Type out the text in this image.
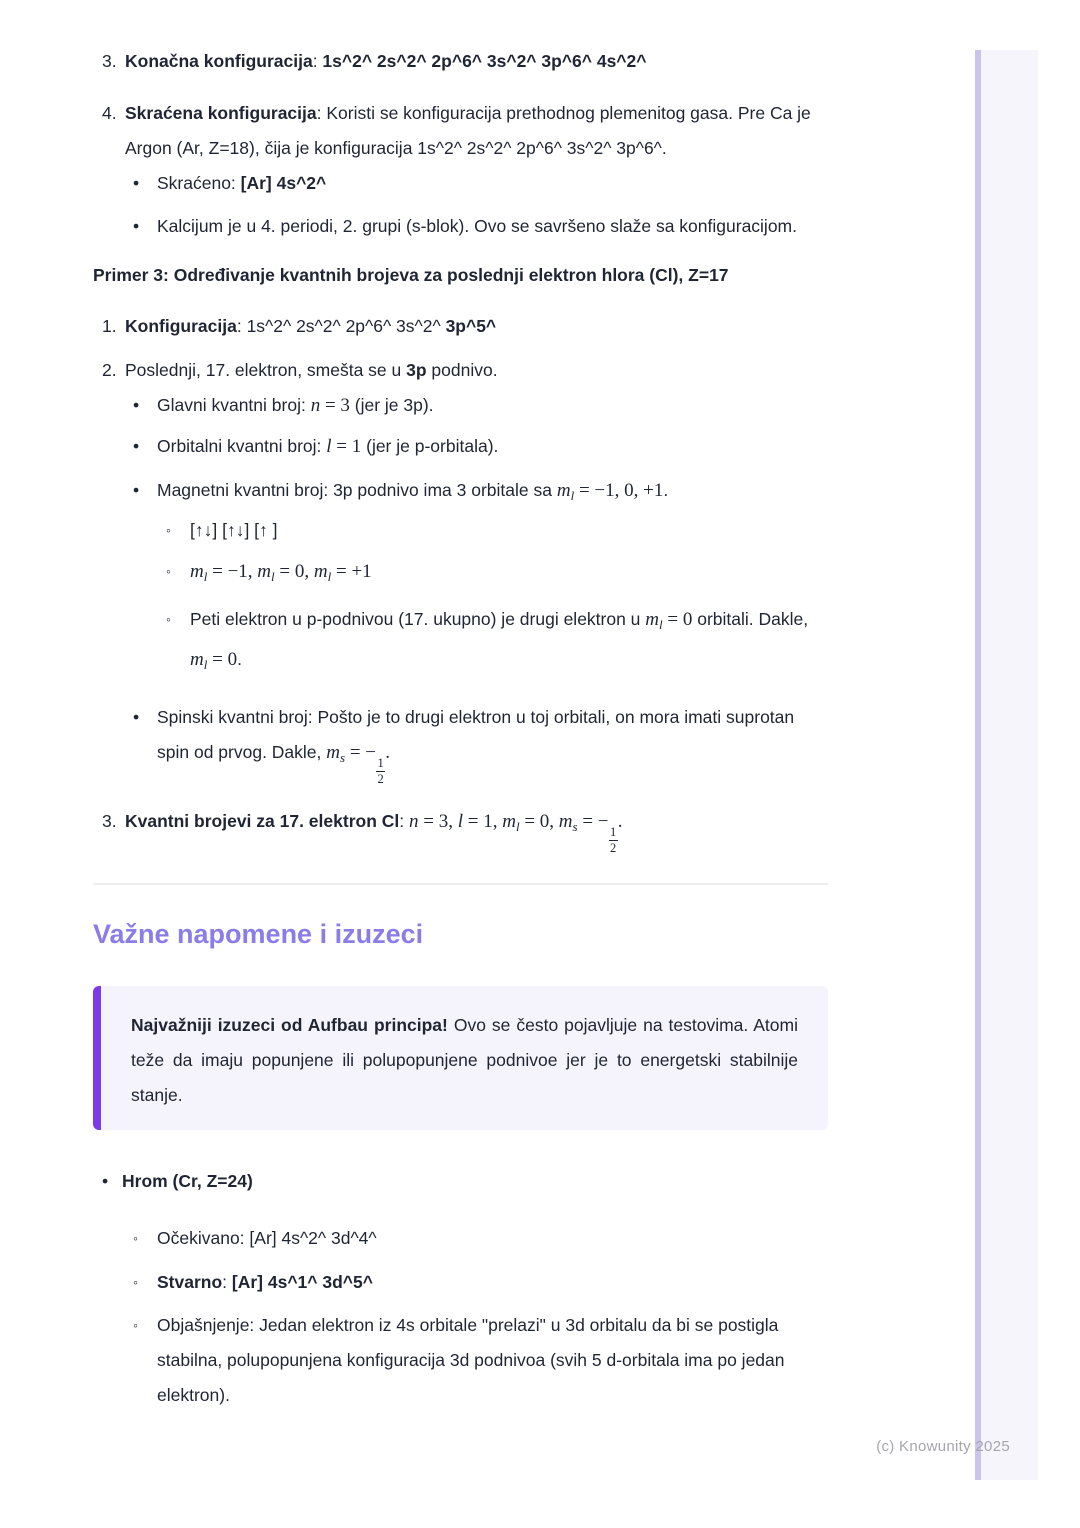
(c) Knowunity 2025
3. Konačna konfiguracija: 1s^2^ 2s^2^ 2p^6^ 3s^2^ 3p^6^ 4s^2^
4. Skraćena konfiguracija: Koristi se konfiguracija prethodnog plemenitog gasa. Pre Ca je Argon (Ar, Z=18), čija je konfiguracija 1s^2^ 2s^2^ 2p^6^ 3s^2^ 3p^6^.
•	Skraćeno: [Ar] 4s^2^
•	Kalcijum je u 4. periodi, 2. grupi (s-blok). Ovo se savršeno slaže sa konfiguracijom.
Primer 3: Određivanje kvantnih brojeva za poslednji elektron hlora (Cl), Z=17
1. Konfiguracija: 1s^2^ 2s^2^ 2p^6^ 3s^2^ 3p^5^
2. Poslednji, 17. elektron, smešta se u 3p podnivo.
•	Glavni kvantni broj: n = 3 (jer je 3p).
•	Orbitalni kvantni broj: l = 1 (jer je p-orbitala).
•	Magnetni kvantni broj: 3p podnivo ima 3 orbitale sa $m_l = -1$, 0, +1.
◦	[↑↓] [↑↓] [↑ ]
◦	$m_l = -1$, $m_l = 0$, $m_l = +1$
◦	Peti elektron u p-podnivou (17. ukupno) je drugi elektron u $m_l = 0$ orbitali. Dakle, $m_l = 0$.
•	Spinski kvantni broj: Pošto je to drugi elektron u toj orbitali, on mora imati suprotan spin od prvog. Dakle, $m_s$ = −
$\frac{1}{2}$
.
3. Kvantni brojevi za 17. elektron Cl: n = 3, l = 1, $m_l = 0$, $m_s$ = −
$\frac{1}{2}$
.
Važne napomene i izuzeci
Najvažniji izuzeci od Aufbau principa! Ovo se često pojavljuje na testovima. Atomi teže da imaju popunjene ili polupopunjene podnivoe jer je to energetski stabilnije stanje.
• Hrom (Cr, Z=24)
◦	Očekivano: [Ar] 4s^2^ 3d^4^
◦	Stvarno: [Ar] 4s^1^ 3d^5^
◦	Objašnjenje: Jedan elektron iz 4s orbitale "prelazi" u 3d orbitalu da bi se postigla stabilna, polupopunjena konfiguracija 3d podnivoa (svih 5 d-orbitala ima po jedan elektron).
